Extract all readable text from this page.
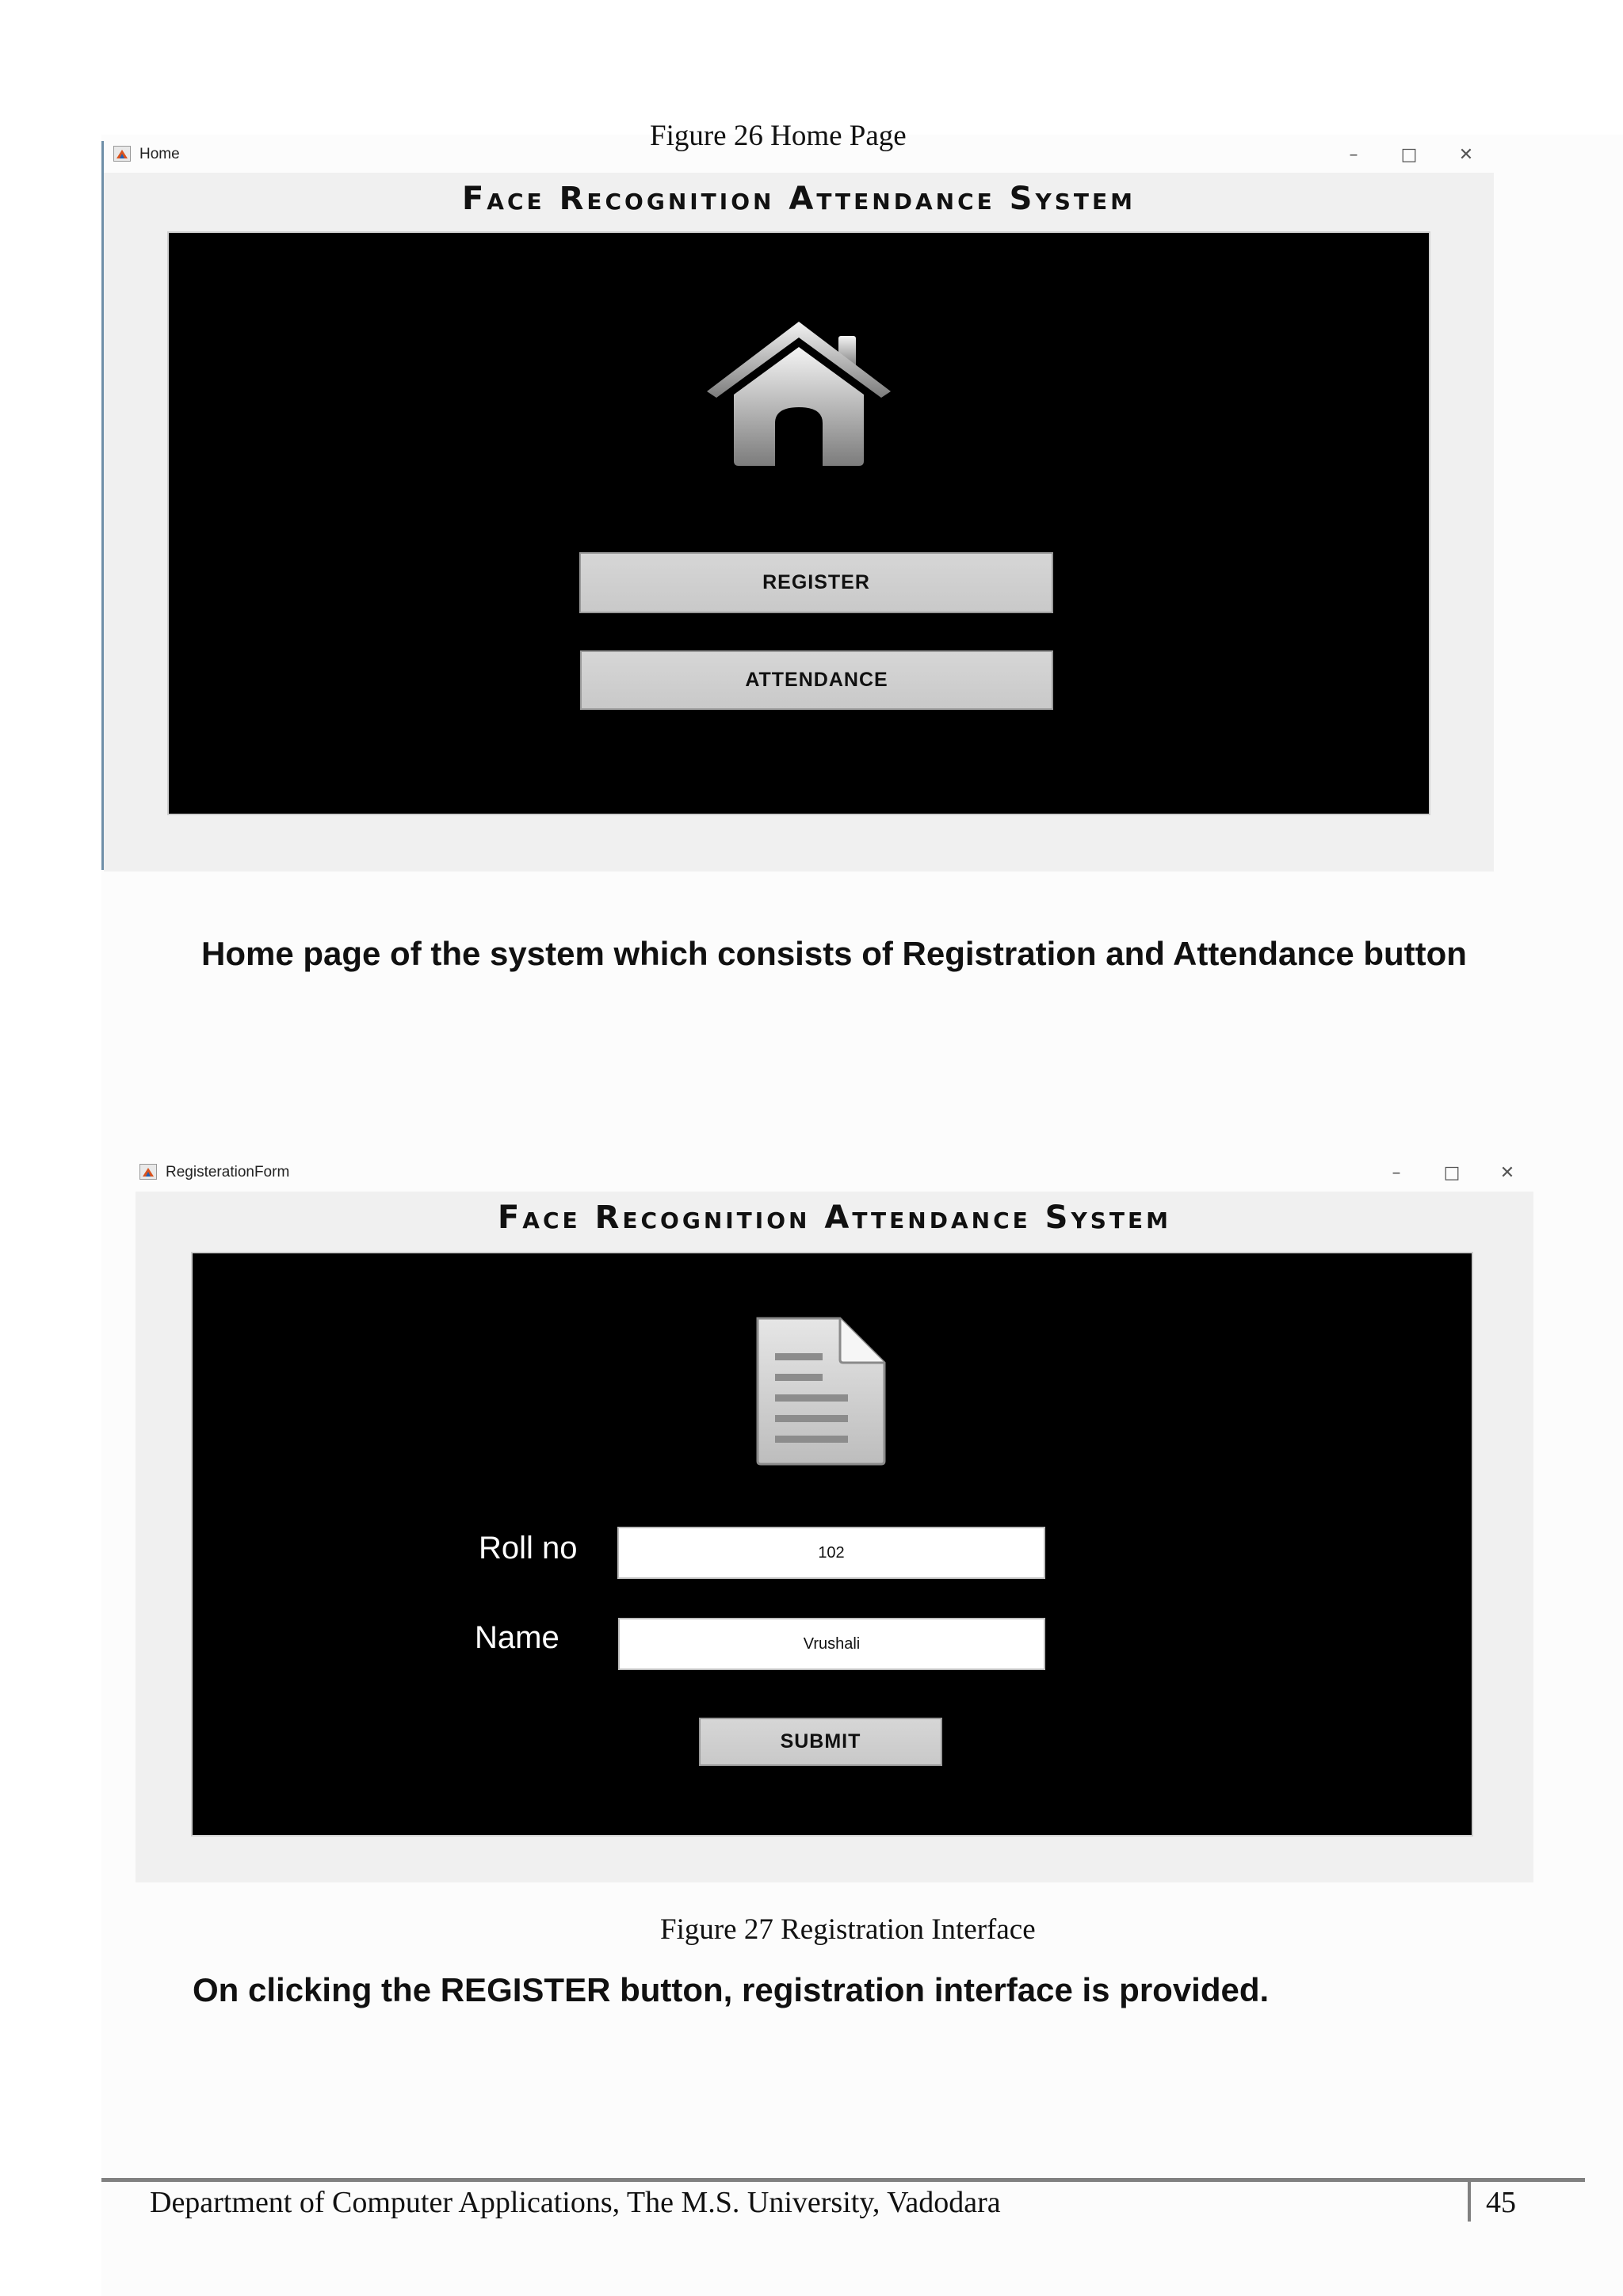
Figure 26 Home Page
Home	–	□	✕
Face Recognition Attendance System
REGISTER
ATTENDANCE
Home page of the system which consists of Registration and Attendance button
RegisterationForm	–	□	✕
Face Recognition Attendance System
Roll no	102
Name	Vrushali
SUBMIT
Figure 27 Registration Interface
On clicking the REGISTER button, registration interface is provided.
Department of Computer Applications, The M.S. University, Vadodara	45
